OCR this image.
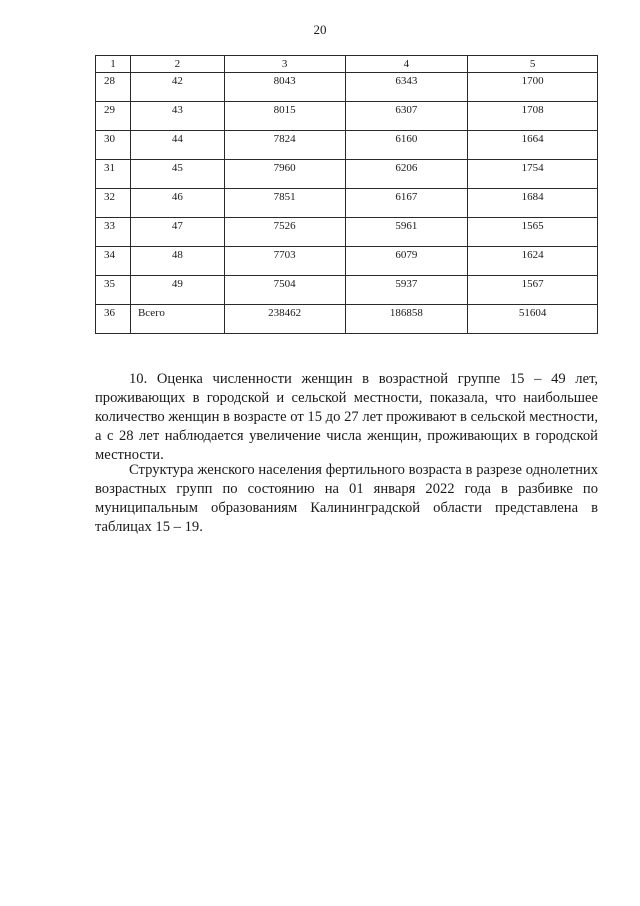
20
1	2	3	4	5
28	42	8043	6343	1700
29	43	8015	6307	1708
30	44	7824	6160	1664
31	45	7960	6206	1754
32	46	7851	6167	1684
33	47	7526	5961	1565
34	48	7703	6079	1624
35	49	7504	5937	1567
36	Всего	238462	186858	51604

10. Оценка численности женщин в возрастной группе 15 – 49 лет, проживающих в городской и сельской местности, показала, что наибольшее количество женщин в возрасте от 15 до 27 лет проживают в сельской местности, а с 28 лет наблюдается увеличение числа женщин, проживающих в городской местности.

Структура женского населения фертильного возраста в разрезе однолетних возрастных групп по состоянию на 01 января 2022 года в разбивке по муниципальным образованиям Калининградской области представлена в таблицах 15 – 19.
